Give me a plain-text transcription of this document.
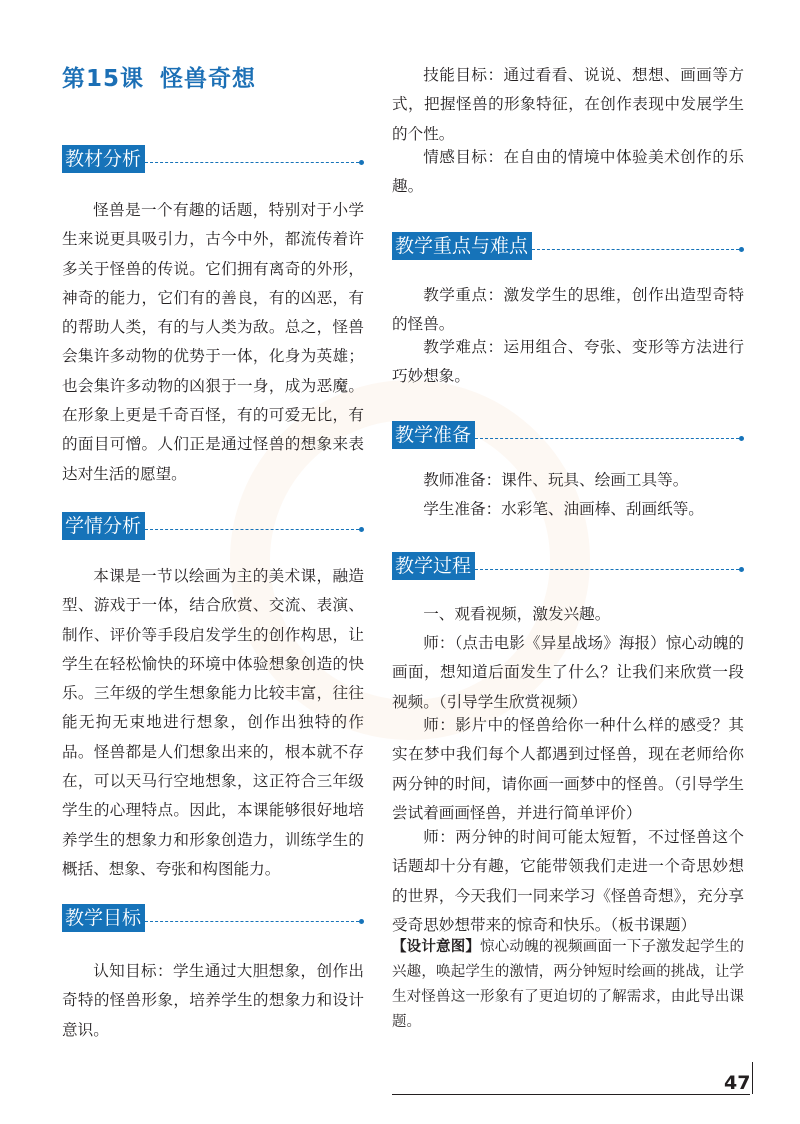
第15课 怪兽奇想
教材分析

怪兽是一个有趣的话题，特别对于小学生来说更具吸引力，古今中外，都流传着许多关于怪兽的传说。它们拥有离奇的外形，神奇的能力，它们有的善良，有的凶恶，有的帮助人类，有的与人类为敌。总之，怪兽会集许多动物的优势于一体，化身为英雄；也会集许多动物的凶狠于一身，成为恶魔。在形象上更是千奇百怪，有的可爱无比，有的面目可憎。人们正是通过怪兽的想象来表达对生活的愿望。

学情分析

本课是一节以绘画为主的美术课，融造型、游戏于一体，结合欣赏、交流、表演、制作、评价等手段启发学生的创作构思，让学生在轻松愉快的环境中体验想象创造的快乐。三年级的学生想象能力比较丰富，往往能无拘无束地进行想象，创作出独特的作品。怪兽都是人们想象出来的，根本就不存在，可以天马行空地想象，这正符合三年级学生的心理特点。因此，本课能够很好地培养学生的想象力和形象创造力，训练学生的概括、想象、夸张和构图能力。

教学目标

认知目标：学生通过大胆想象，创作出奇特的怪兽形象，培养学生的想象力和设计意识。

技能目标：通过看看、说说、想想、画画等方式，把握怪兽的形象特征，在创作表现中发展学生的个性。

情感目标：在自由的情境中体验美术创作的乐趣。

教学重点与难点

教学重点：激发学生的思维，创作出造型奇特的怪兽。

教学难点：运用组合、夸张、变形等方法进行巧妙想象。

教学准备

教师准备：课件、玩具、绘画工具等。

学生准备：水彩笔、油画棒、刮画纸等。

教学过程

一、观看视频，激发兴趣。

师：（点击电影《异星战场》海报）惊心动魄的画面，想知道后面发生了什么？让我们来欣赏一段视频。（引导学生欣赏视频）

师：影片中的怪兽给你一种什么样的感受？其实在梦中我们每个人都遇到过怪兽，现在老师给你两分钟的时间，请你画一画梦中的怪兽。（引导学生尝试着画画怪兽，并进行简单评价）

师：两分钟的时间可能太短暂，不过怪兽这个话题却十分有趣，它能带领我们走进一个奇思妙想的世界，今天我们一同来学习《怪兽奇想》，充分享受奇思妙想带来的惊奇和快乐。（板书课题）

【设计意图】惊心动魄的视频画面一下子激发起学生的兴趣，唤起学生的激情，两分钟短时绘画的挑战，让学生对怪兽这一形象有了更迫切的了解需求，由此导出课题。

47
